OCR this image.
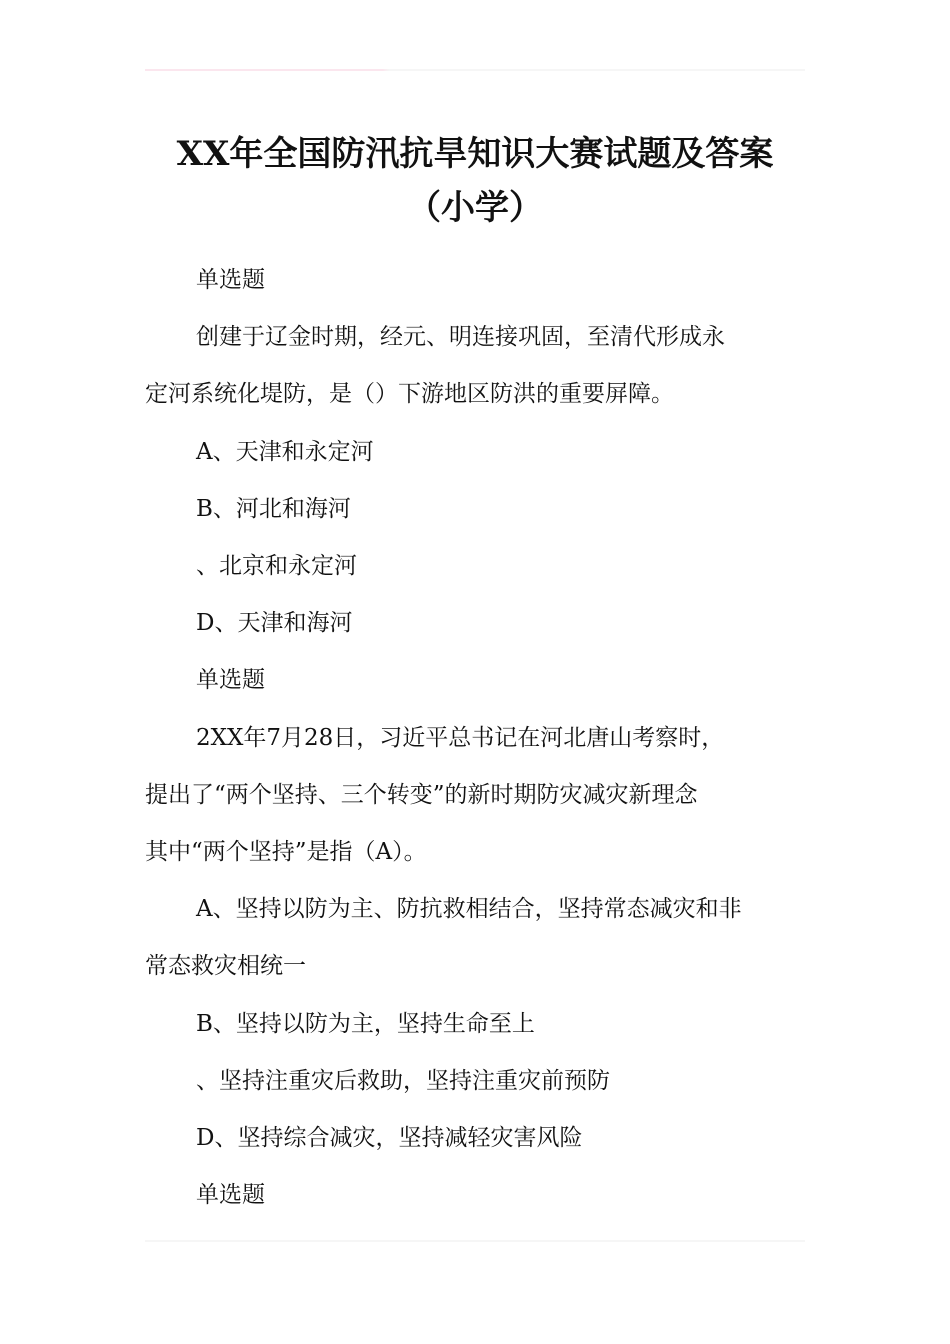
XX年全国防汛抗旱知识大赛试题及答案
（小学）
单选题
创建于辽金时期，经元、明连接巩固，至清代形成永
定河系统化堤防，是（）下游地区防洪的重要屏障。
A、天津和永定河
B、河北和海河
、北京和永定河
D、天津和海河
单选题
2XX年7月28日，习近平总书记在河北唐山考察时，
提出了“两个坚持、三个转变”的新时期防灾减灾新理念
其中“两个坚持”是指（A）。
A、坚持以防为主、防抗救相结合，坚持常态减灾和非
常态救灾相统一
B、坚持以防为主，坚持生命至上
、坚持注重灾后救助，坚持注重灾前预防
D、坚持综合减灾，坚持减轻灾害风险
单选题
